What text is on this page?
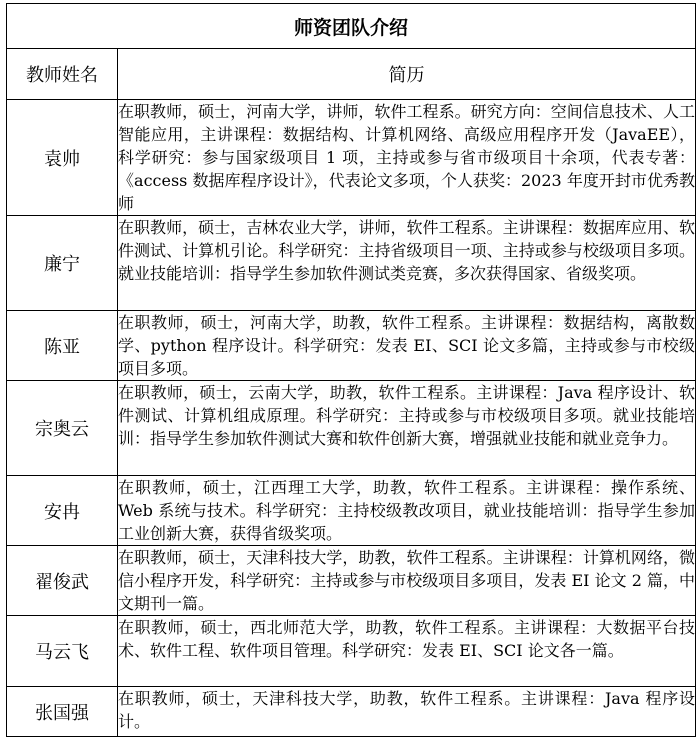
师资团队介绍	
教师姓名	简历
袁帅	在职教师，硕士，河南大学，讲师，软件工程系。研究方向：空间信息技术、人工智能应用，主讲课程：数据结构、计算机网络、高级应用程序开发（JavaEE），科学研究：参与国家级项目 1 项，主持或参与省市级项目十余项，代表专著：《access 数据库程序设计》，代表论文多项，个人获奖：2023 年度开封市优秀教师
廉宁	在职教师，硕士，吉林农业大学，讲师，软件工程系。主讲课程：数据库应用、软件测试、计算机引论。科学研究：主持省级项目一项、主持或参与校级项目多项。就业技能培训：指导学生参加软件测试类竞赛，多次获得国家、省级奖项。
陈亚	在职教师，硕士，河南大学，助教，软件工程系。主讲课程：数据结构，离散数学、python 程序设计。科学研究：发表 EI、SCI 论文多篇，主持或参与市校级项目多项。
宗奥云	在职教师，硕士，云南大学，助教，软件工程系。主讲课程：Java 程序设计、软件测试、计算机组成原理。科学研究：主持或参与市校级项目多项。就业技能培训：指导学生参加软件测试大赛和软件创新大赛，增强就业技能和就业竞争力。
安冉	在职教师，硕士，江西理工大学，助教，软件工程系。主讲课程：操作系统、Web 系统与技术。科学研究：主持校级教改项目，就业技能培训：指导学生参加工业创新大赛，获得省级奖项。
翟俊武	在职教师，硕士，天津科技大学，助教，软件工程系。主讲课程：计算机网络，微信小程序开发，科学研究：主持或参与市校级项目多项目，发表 EI 论文 2 篇，中文期刊一篇。
马云飞	在职教师，硕士，西北师范大学，助教，软件工程系。主讲课程：大数据平台技术、软件工程、软件项目管理。科学研究：发表 EI、SCI 论文各一篇。
张国强	在职教师，硕士，天津科技大学，助教，软件工程系。主讲课程：Java 程序设计。
